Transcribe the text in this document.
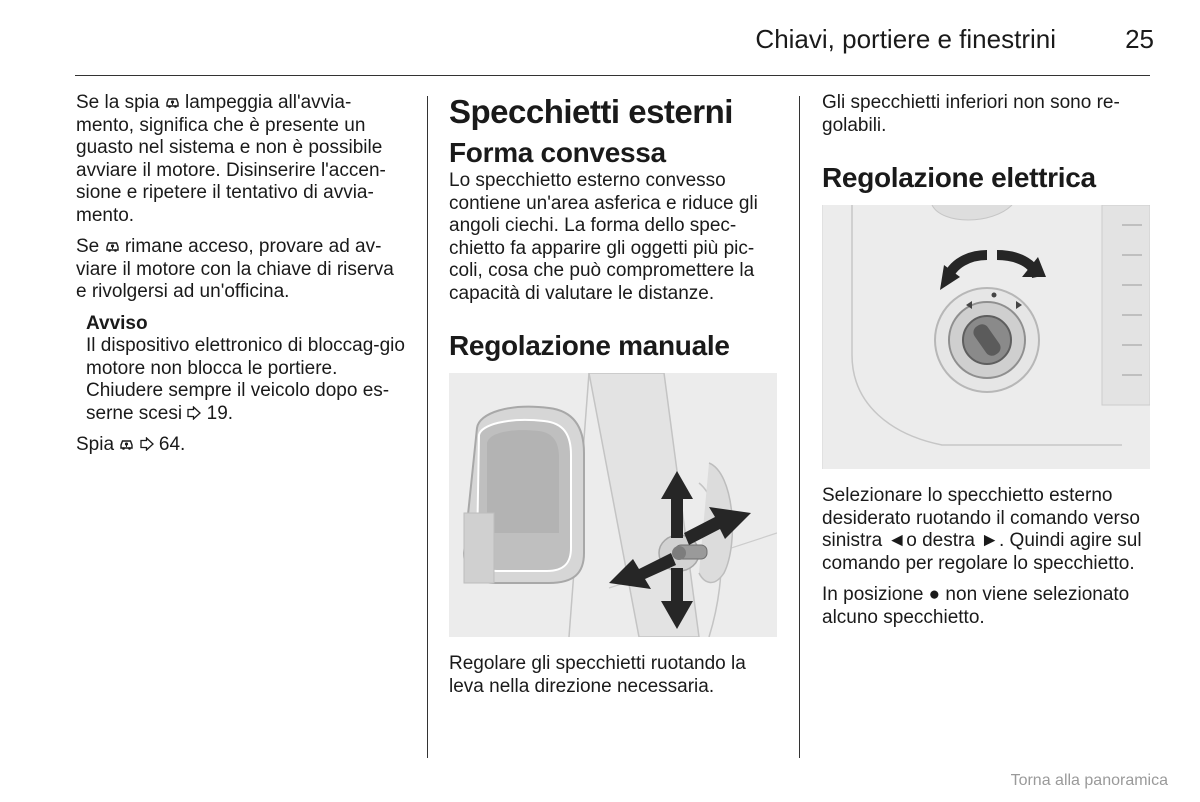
Chiavi, portiere e finestrini	25

Se la spia lampeggia all'avvia-mento, significa che è presente un guasto nel sistema e non è possibile avviare il motore. Disinserire l'accen-sione e ripetere il tentativo di avvia-mento.

Se rimane acceso, provare ad av-viare il motore con la chiave di riserva e rivolgersi ad un'officina.

Avviso

Il dispositivo elettronico di bloccag-gio motore non blocca le portiere. Chiudere sempre il veicolo dopo es-serne scesi 19.

Spia 64.

Specchietti esterni
Forma convessa

Lo specchietto esterno convesso contiene un'area asferica e riduce gli angoli ciechi. La forma dello spec-chietto fa apparire gli oggetti più pic-coli, cosa che può compromettere la capacità di valutare le distanze.

Regolazione manuale

Regolare gli specchietti ruotando la leva nella direzione necessaria.

Gli specchietti inferiori non sono re-golabili.

Regolazione elettrica

Selezionare lo specchietto esterno desiderato ruotando il comando verso sinistra ◄o destra ►. Quindi agire sul comando per regolare lo specchietto.

In posizione ● non viene selezionato alcuno specchietto.

Torna alla panoramica
